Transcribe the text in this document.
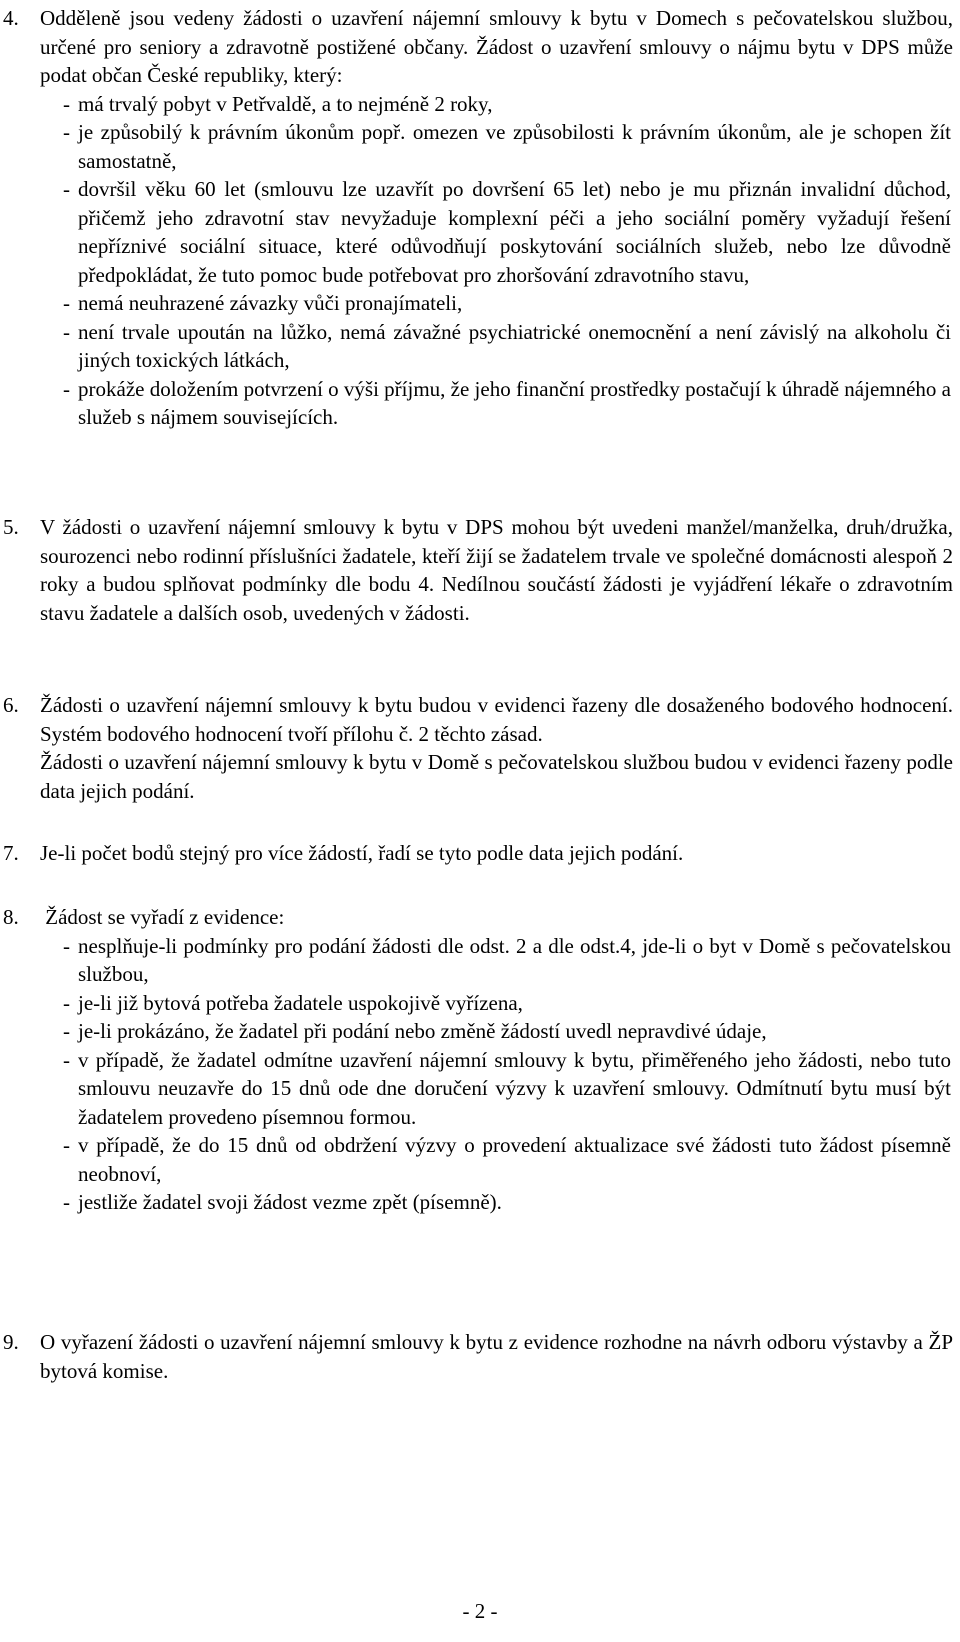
4. Odděleně jsou vedeny žádosti o uzavření nájemní smlouvy k bytu v Domech s pečovatelskou službou, určené pro seniory a zdravotně postižené občany. Žádost o uzavření smlouvy o nájmu bytu v DPS může podat občan České republiky, který:

- má trvalý pobyt v Petřvaldě, a to nejméně 2 roky,
- je způsobilý k právním úkonům popř. omezen ve způsobilosti k právním úkonům, ale je schopen žít samostatně,
- dovršil věku 60 let (smlouvu lze uzavřít po dovršení 65 let) nebo je mu přiznán invalidní důchod, přičemž jeho zdravotní stav nevyžaduje komplexní péči a jeho sociální poměry vyžadují řešení nepříznivé sociální situace, které odůvodňují poskytování sociálních služeb, nebo lze důvodně předpokládat, že tuto pomoc bude potřebovat pro zhoršování zdravotního stavu,
- nemá neuhrazené závazky vůči pronajímateli,
- není trvale upoután na lůžko, nemá závažné psychiatrické onemocnění a není závislý na alkoholu či jiných toxických látkách,
- prokáže doložením potvrzení o výši příjmu, že jeho finanční prostředky postačují k úhradě nájemného a služeb s nájmem souvisejících.
5. V žádosti o uzavření nájemní smlouvy k bytu v DPS mohou být uvedeni manžel/manželka, druh/družka, sourozenci nebo rodinní příslušníci žadatele, kteří žijí se žadatelem trvale ve společné domácnosti alespoň 2 roky a budou splňovat podmínky dle bodu 4. Nedílnou součástí žádosti je vyjádření lékaře o zdravotním stavu žadatele a dalších osob, uvedených v žádosti.

6. Žádosti o uzavření nájemní smlouvy k bytu budou v evidenci řazeny dle dosaženého bodového hodnocení. Systém bodového hodnocení tvoří přílohu č. 2 těchto zásad.

Žádosti o uzavření nájemní smlouvy k bytu v Domě s pečovatelskou službou budou v evidenci řazeny podle data jejich podání.

7. Je-li počet bodů stejný pro více žádostí, řadí se tyto podle data jejich podání.

8. Žádost se vyřadí z evidence:

- nesplňuje-li podmínky pro podání žádosti dle odst. 2 a dle odst.4, jde-li o byt v Domě s pečovatelskou službou,
- je-li již bytová potřeba žadatele uspokojivě vyřízena,
- je-li prokázáno, že žadatel při podání nebo změně žádostí uvedl nepravdivé údaje,
- v případě, že žadatel odmítne uzavření nájemní smlouvy k bytu, přiměřeného jeho žádosti, nebo tuto smlouvu neuzavře do 15 dnů ode dne doručení výzvy k uzavření smlouvy. Odmítnutí bytu musí být žadatelem provedeno písemnou formou.
- v případě, že do 15 dnů od obdržení výzvy o provedení aktualizace své žádosti tuto žádost písemně neobnoví,
- jestliže žadatel svoji žádost vezme zpět (písemně).
9. O vyřazení žádosti o uzavření nájemní smlouvy k bytu z evidence rozhodne na návrh odboru výstavby a ŽP bytová komise.

- 2 -
